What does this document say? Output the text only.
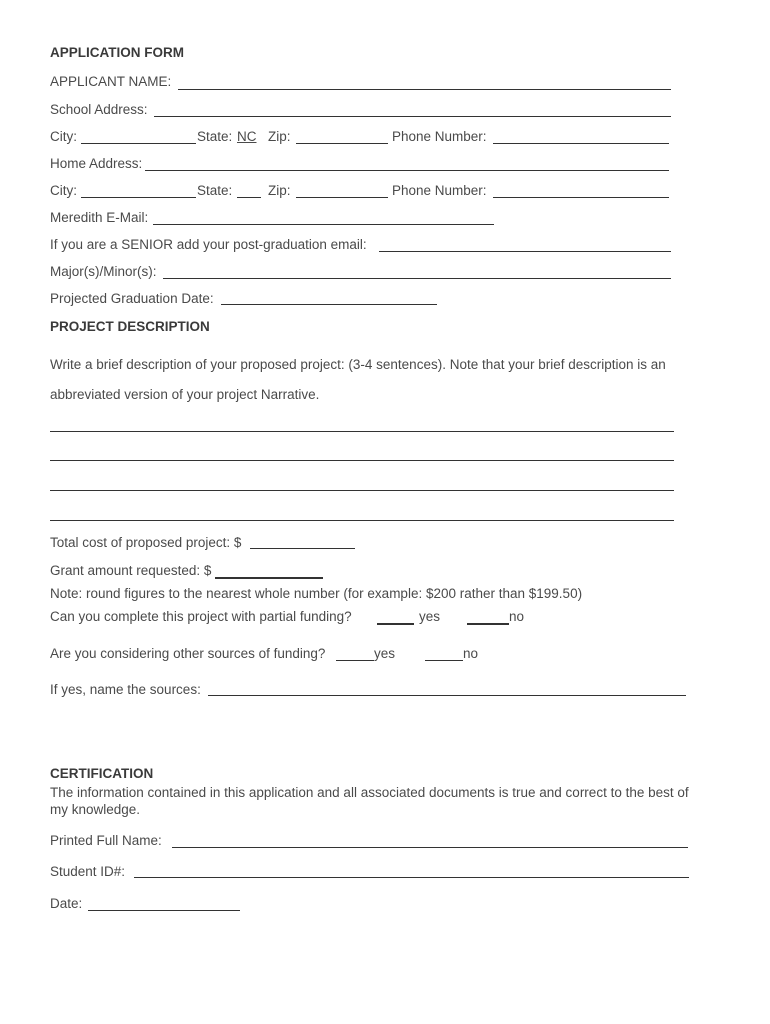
APPLICATION FORM
APPLICANT NAME:
School Address:
City:	State: NC Zip:	Phone Number:
Home Address:
City:	State:	Zip:	Phone Number:
Meredith E-Mail:
If you are a SENIOR add your post-graduation email:
Major(s)/Minor(s):
Projected Graduation Date:
PROJECT DESCRIPTION
Write a brief description of your proposed project: (3-4 sentences). Note that your brief description is an
abbreviated version of your project Narrative.
Total cost of proposed project: $
Grant amount requested: $
Note: round figures to the nearest whole number (for example: $200 rather than $199.50)
Can you complete this project with partial funding?	yes	no
Are you considering other sources of funding?	yes	no
If yes, name the sources:
CERTIFICATION
The information contained in this application and all associated documents is true and correct to the best of my knowledge.
Printed Full Name:
Student ID#:
Date:
